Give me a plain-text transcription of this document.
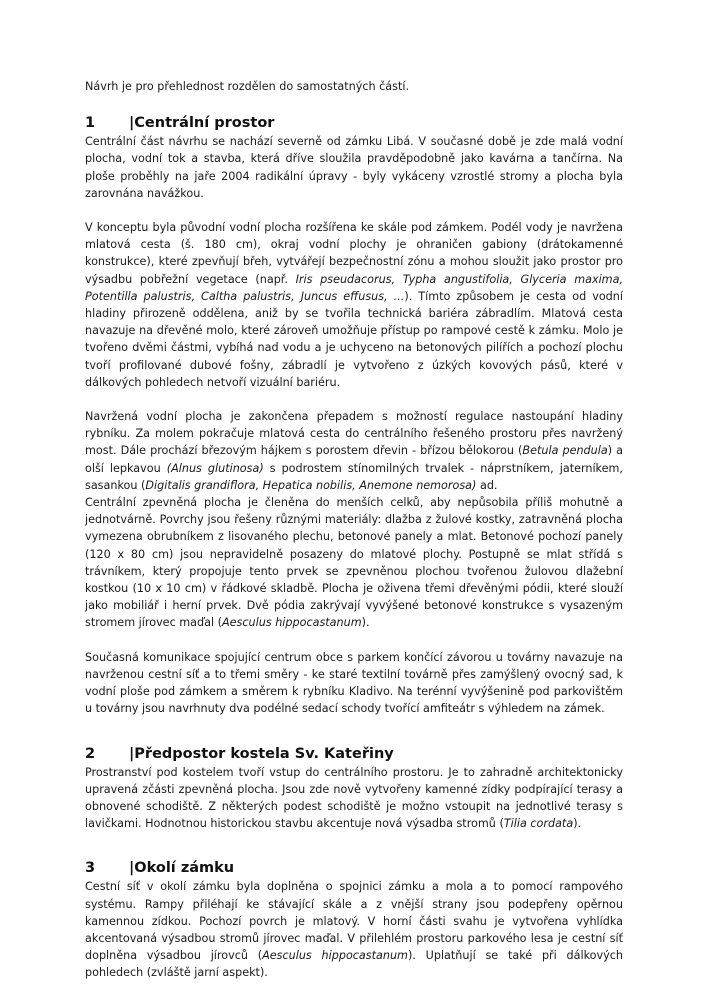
Návrh je pro přehlednost rozdělen do samostatných částí.

1	|Centrální prostor

Centrální část návrhu se nachází severně od zámku Libá. V současné době je zde malá vodní plocha, vodní tok a stavba, která dříve sloužila pravděpodobně jako kavárna a tančírna. Na ploše proběhly na jaře 2004 radikální úpravy - byly vykáceny vzrostlé stromy a plocha byla zarovnána navážkou.

V konceptu byla původní vodní plocha rozšířena ke skále pod zámkem. Podél vody je navržena mlatová cesta (š. 180 cm), okraj vodní plochy je ohraničen gabiony (drátokamenné konstrukce), které zpevňují břeh, vytvářejí bezpečnostní zónu a mohou sloužit jako prostor pro výsadbu pobřežní vegetace (např. Iris pseudacorus, Typha angustifolia, Glyceria maxima, Potentilla palustris, Caltha palustris, Juncus effusus, ...). Tímto způsobem je cesta od vodní hladiny přirozeně oddělena, aniž by se tvořila technická bariéra zábradlím. Mlatová cesta navazuje na dřevěné molo, které zároveň umožňuje přístup po rampové cestě k zámku. Molo je tvořeno dvěmi částmi, vybíhá nad vodu a je uchyceno na betonových pilířích a pochozí plochu tvoří profilované dubové fošny, zábradlí je vytvořeno z úzkých kovových pásů, které v dálkových pohledech netvoří vizuální bariéru.

Navržená vodní plocha je zakončena přepadem s možností regulace nastoupání hladiny rybníku. Za molem pokračuje mlatová cesta do centrálního řešeného prostoru přes navržený most. Dále prochází březovým hájkem s porostem dřevin - břízou bělokorou (Betula pendula) a olší lepkavou (Alnus glutinosa) s podrostem stínomilných trvalek - náprstníkem, jaterníkem, sasankou (Digitalis grandiflora, Hepatica nobilis, Anemone nemorosa) ad.

Centrální zpevněná plocha je členěna do menších celků, aby nepůsobila příliš mohutně a jednotvárně. Povrchy jsou řešeny různými materiály: dlažba z žulové kostky, zatravněná plocha vymezena obrubníkem z lisovaného plechu, betonové panely a mlat. Betonové pochozí panely (120 x 80 cm) jsou nepravidelně posazeny do mlatové plochy. Postupně se mlat střídá s trávníkem, který propojuje tento prvek se zpevněnou plochou tvořenou žulovou dlažební kostkou (10 x 10 cm) v řádkové skladbě. Plocha je oživena třemi dřevěnými pódii, které slouží jako mobiliář i herní prvek. Dvě pódia zakrývají vyvýšené betonové konstrukce s vysazeným stromem jírovec maďal (Aesculus hippocastanum).

Současná komunikace spojující centrum obce s parkem končící závorou u továrny navazuje na navrženou cestní síť a to třemi směry - ke staré textilní továrně přes zamýšlený ovocný sad, k vodní ploše pod zámkem a směrem k rybníku Kladivo. Na terénní vyvýšenině pod parkovištěm u továrny jsou navrhnuty dva podélné sedací schody tvořící amfiteátr s výhledem na zámek.

2	|Předpostor kostela Sv. Kateřiny

Prostranství pod kostelem tvoří vstup do centrálního prostoru. Je to zahradně architektonicky upravená zčásti zpevněná plocha. Jsou zde nově vytvořeny kamenné zídky podpírající terasy a obnovené schodiště. Z některých podest schodiště je možno vstoupit na jednotlivé terasy s lavičkami. Hodnotnou historickou stavbu akcentuje nová výsadba stromů (Tilia cordata).

3	|Okolí zámku

Cestní síť v okolí zámku byla doplněna o spojnici zámku a mola a to pomocí rampového systému. Rampy přiléhají ke stávající skále a z vnější strany jsou podepřeny opěrnou kamennou zídkou. Pochozí povrch je mlatový. V horní části svahu je vytvořena vyhlídka akcentovaná výsadbou stromů jírovec maďal. V přilehlém prostoru parkového lesa je cestní síť doplněna výsadbou jírovců (Aesculus hippocastanum). Uplatňují se také při dálkových pohledech (zvláště jarní aspekt).
